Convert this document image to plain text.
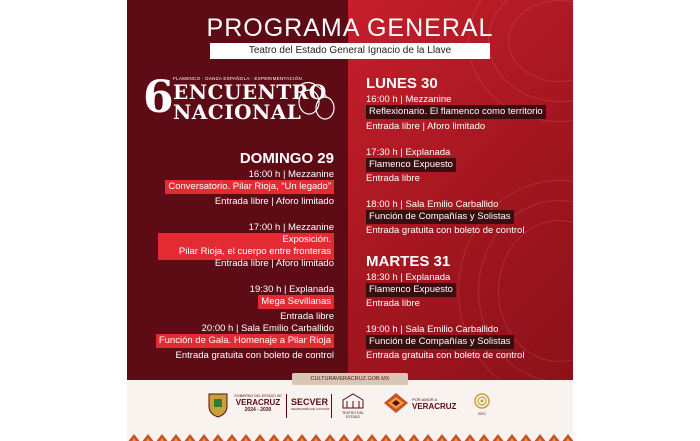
PROGRAMA GENERAL
Teatro del Estado General Ignacio de la Llave
6 FLAMENCO · DANZA ESPAÑOLA · EXPERIMENTACIÓN
ENCUENTRO
NACIONAL
DOMINGO 29
16:00 h | Mezzanine
Conversatorio. Pilar Rioja, “Un legado”
Entrada libre | Aforo limitado
17:00 h | Mezzanine
Exposición.
Pilar Rioja, el cuerpo entre fronteras
Entrada libre | Aforo limitado
19:30 h | Explanada
Mega Sevillanas
Entrada libre
20:00 h | Sala Emilio Carballido
Función de Gala. Homenaje a Pilar Rioja
Entrada gratuita con boleto de control
LUNES 30
16:00 h | Mezzanine
Reflexionario. El flamenco como territorio
Entrada libre | Aforo limitado
17:30 h | Explanada
Flamenco Expuesto
Entrada libre
18:00 h | Sala Emilio Carballido
Función de Compañías y Solistas
Entrada gratuita con boleto de control
MARTES 31
18:30 h | Explanada
Flamenco Expuesto
Entrada libre
19:00 h | Sala Emilio Carballido
Función de Compañías y Solistas
Entrada gratuita con boleto de control
CULTURAVERACRUZ.GOB.MX
GOBIERNO DEL ESTADO DE
VERACRUZ
2024 - 2030
SECVER
SECRETARÍA DE CULTURA
TEATRO DEL ESTADO
POR AMOR A
VERACRUZ
IVEC
